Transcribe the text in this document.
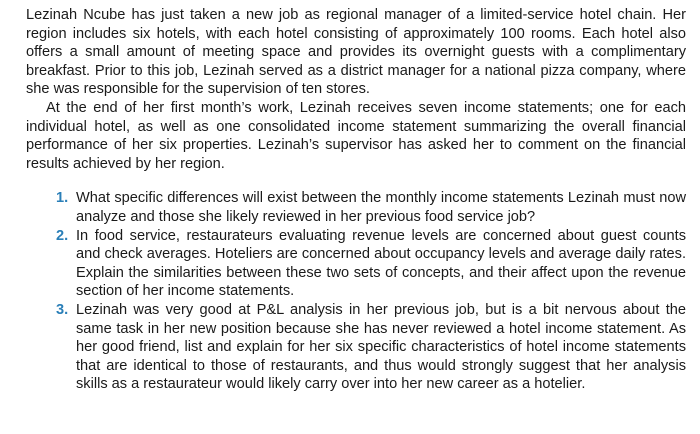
Lezinah Ncube has just taken a new job as regional manager of a limited-service hotel chain. Her region includes six hotels, with each hotel consisting of approximately 100 rooms. Each hotel also offers a small amount of meeting space and provides its overnight guests with a complimentary breakfast. Prior to this job, Lezinah served as a district manager for a national pizza company, where she was responsible for the supervision of ten stores.

At the end of her first month’s work, Lezinah receives seven income statements; one for each individual hotel, as well as one consolidated income statement summarizing the overall financial performance of her six properties. Lezinah’s supervisor has asked her to comment on the financial results achieved by her region.

1. What specific differences will exist between the monthly income statements Lezinah must now analyze and those she likely reviewed in her previous food service job?
2. In food service, restaurateurs evaluating revenue levels are concerned about guest counts and check averages. Hoteliers are concerned about occupancy levels and average daily rates. Explain the similarities between these two sets of concepts, and their affect upon the revenue section of her income statements.
3. Lezinah was very good at P&L analysis in her previous job, but is a bit nervous about the same task in her new position because she has never reviewed a hotel income statement. As her good friend, list and explain for her six specific characteristics of hotel income statements that are identical to those of restaurants, and thus would strongly suggest that her analysis skills as a restaurateur would likely carry over into her new career as a hotelier.
